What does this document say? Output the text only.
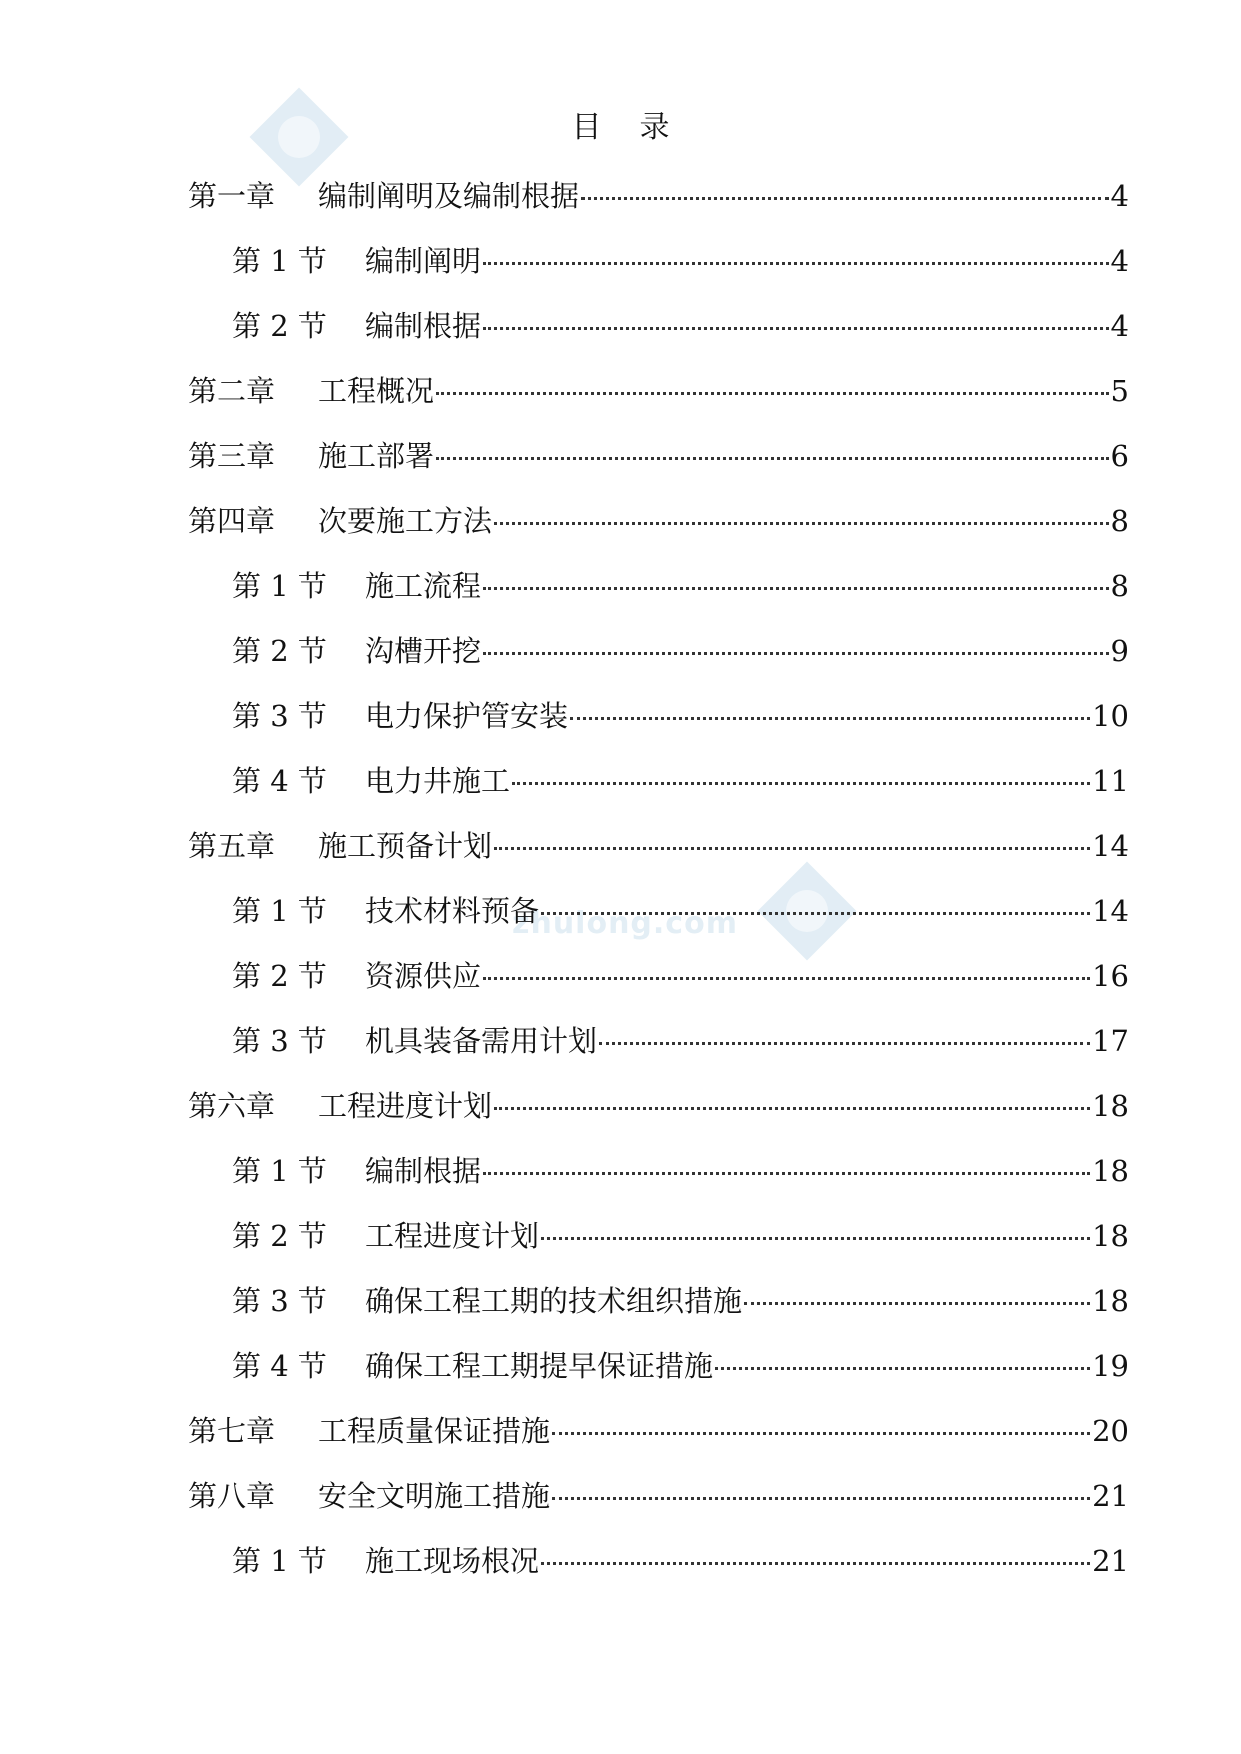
zhulong.com
目 录
第一章	编制阐明及编制根据	4
第 1 节	编制阐明	4
第 2 节	编制根据	4
第二章	工程概况	5
第三章	施工部署	6
第四章	次要施工方法	8
第 1 节	施工流程	8
第 2 节	沟槽开挖	9
第 3 节	电力保护管安装	10
第 4 节	电力井施工	11
第五章	施工预备计划	14
第 1 节	技术材料预备	14
第 2 节	资源供应	16
第 3 节	机具装备需用计划	17
第六章	工程进度计划	18
第 1 节	编制根据	18
第 2 节	工程进度计划	18
第 3 节	确保工程工期的技术组织措施	18
第 4 节	确保工程工期提早保证措施	19
第七章	工程质量保证措施	20
第八章	安全文明施工措施	21
第 1 节	施工现场根况	21
